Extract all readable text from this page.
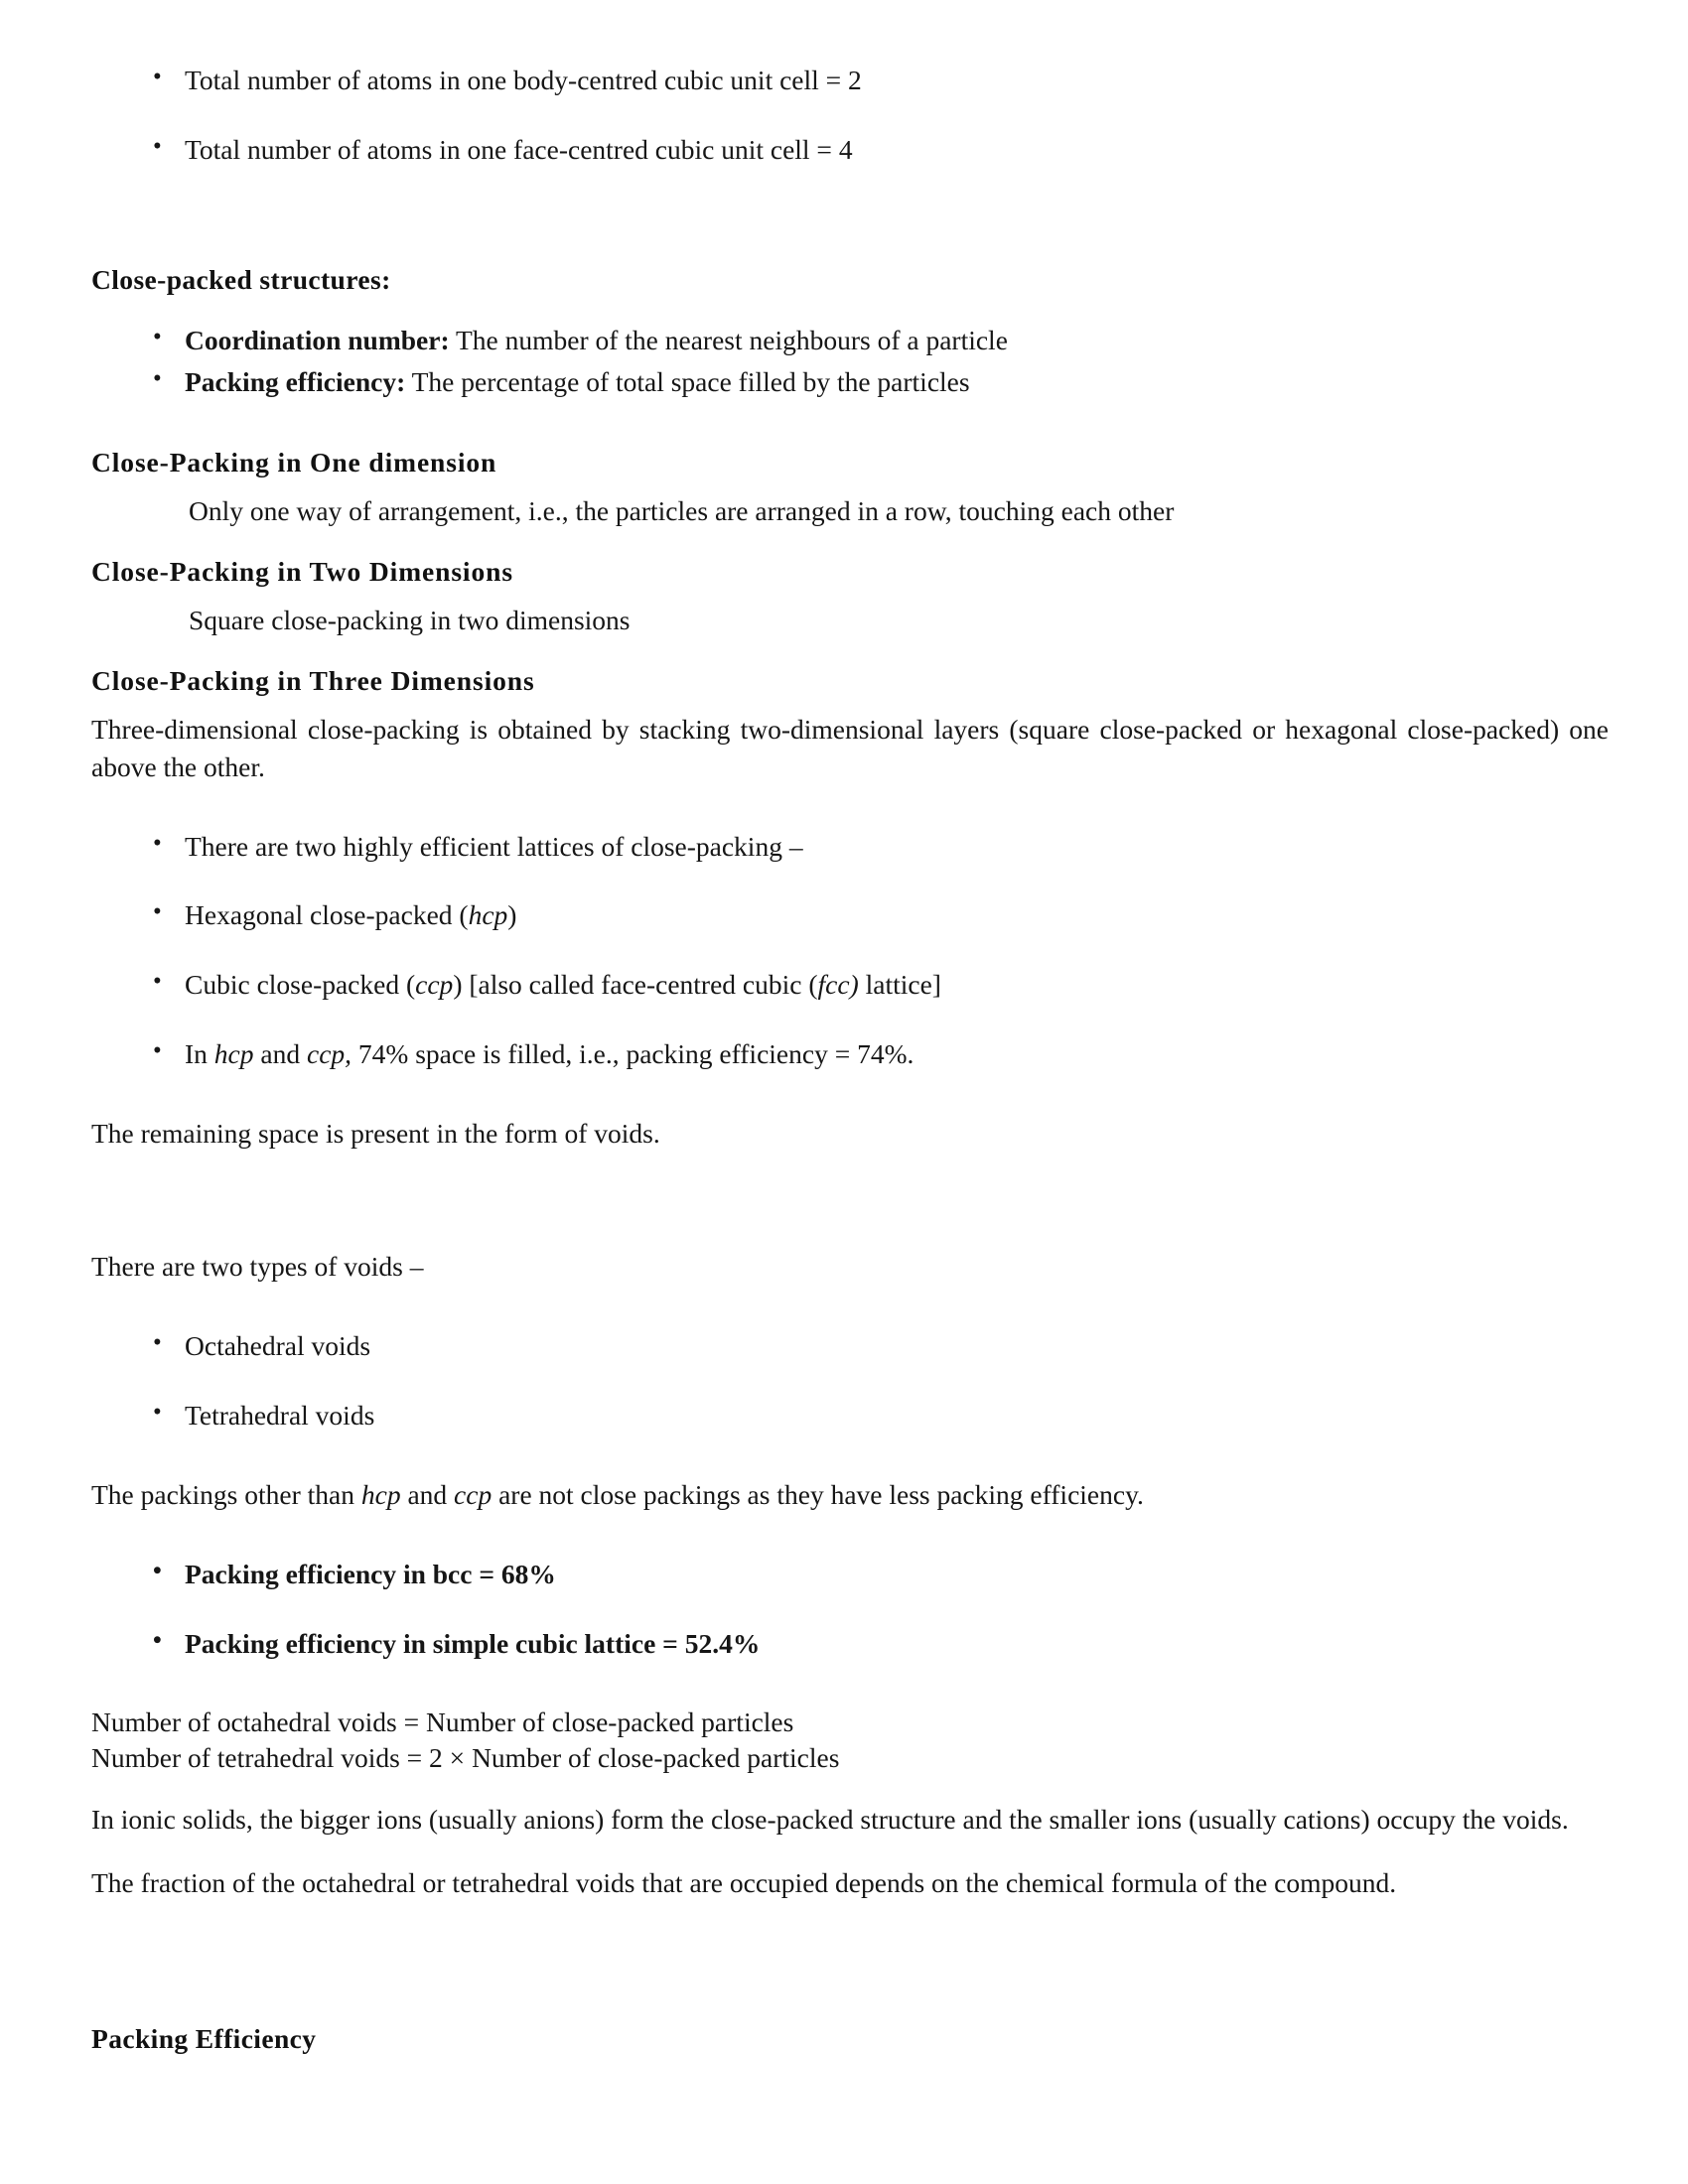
• Total number of atoms in one body-centred cubic unit cell = 2
• Total number of atoms in one face-centred cubic unit cell = 4

Close-packed structures:

• Coordination number: The number of the nearest neighbours of a particle
• Packing efficiency: The percentage of total space filled by the particles

Close-Packing in One dimension

Only one way of arrangement, i.e., the particles are arranged in a row, touching each other

Close-Packing in Two Dimensions

Square close-packing in two dimensions

Close-Packing in Three Dimensions

Three-dimensional close-packing is obtained by stacking two-dimensional layers (square close-packed or hexagonal close-packed) one above the other.

• There are two highly efficient lattices of close-packing –
• Hexagonal close-packed (hcp)
• Cubic close-packed (ccp) [also called face-centred cubic (fcc) lattice]
• In hcp and ccp, 74% space is filled, i.e., packing efficiency = 74%.

The remaining space is present in the form of voids.

There are two types of voids –

• Octahedral voids
• Tetrahedral voids

The packings other than hcp and ccp are not close packings as they have less packing efficiency.

• Packing efficiency in bcc = 68%
• Packing efficiency in simple cubic lattice = 52.4%

Number of octahedral voids = Number of close-packed particles

Number of tetrahedral voids = 2 × Number of close-packed particles

In ionic solids, the bigger ions (usually anions) form the close-packed structure and the smaller ions (usually cations) occupy the voids.

The fraction of the octahedral or tetrahedral voids that are occupied depends on the chemical formula of the compound.

Packing Efficiency
